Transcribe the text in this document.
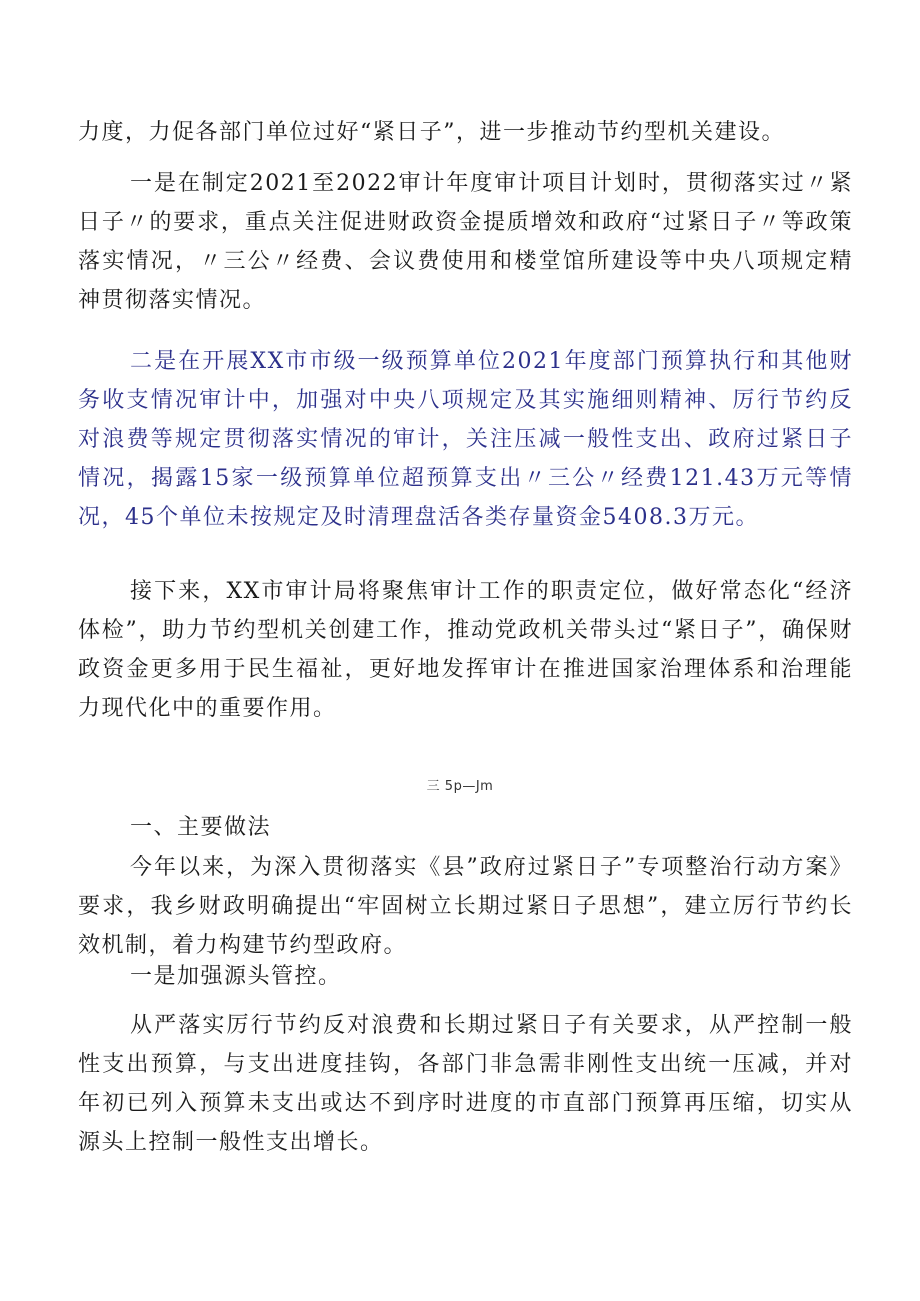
力度，力促各部门单位过好“紧日子”，进一步推动节约型机关建设。

一是在制定2021至2022审计年度审计项目计划时，贯彻落实过〃紧日子〃的要求，重点关注促进财政资金提质增效和政府“过紧日子〃等政策落实情况，〃三公〃经费、会议费使用和楼堂馆所建设等中央八项规定精神贯彻落实情况。

二是在开展XX市市级一级预算单位2021年度部门预算执行和其他财务收支情况审计中，加强对中央八项规定及其实施细则精神、厉行节约反对浪费等规定贯彻落实情况的审计，关注压减一般性支出、政府过紧日子情况，揭露15家一级预算单位超预算支出〃三公〃经费121.43万元等情况，45个单位未按规定及时清理盘活各类存量资金5408.3万元。

接下来，XX市审计局将聚焦审计工作的职责定位，做好常态化“经济体检”，助力节约型机关创建工作，推动党政机关带头过“紧日子”，确保财政资金更多用于民生福祉，更好地发挥审计在推进国家治理体系和治理能力现代化中的重要作用。

三 5p—Jm

一、主要做法

今年以来，为深入贯彻落实《县”政府过紧日子”专项整治行动方案》要求，我乡财政明确提出“牢固树立长期过紧日子思想”，建立厉行节约长效机制，着力构建节约型政府。

一是加强源头管控。

从严落实厉行节约反对浪费和长期过紧日子有关要求，从严控制一般性支出预算，与支出进度挂钩，各部门非急需非刚性支出统一压减，并对年初已列入预算未支出或达不到序时进度的市直部门预算再压缩，切实从源头上控制一般性支出增长。
